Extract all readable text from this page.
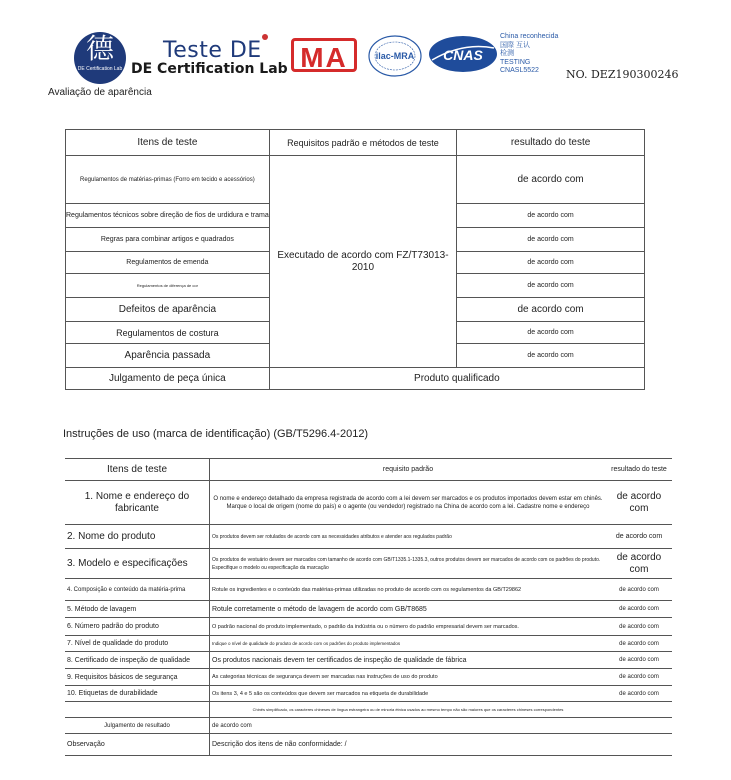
德
DE Certification Lab
Teste DE
DE Certification Lab MA	ilac-MRA CNAS
China reconhecida
国際 互认
检测
TESTING
CNASL5522	NO. DEZ190300246
Avaliação de aparência
Itens de teste	Requisitos padrão e métodos de teste	resultado do teste
Regulamentos de matérias-primas (Forro em tecido e acessórios)	Executado de acordo com FZ/T73013-2010	de acordo com
Regulamentos técnicos sobre direção de fios de urdidura e trama		de acordo com
Regras para combinar artigos e quadrados		de acordo com
Regulamentos de emenda		de acordo com
Regulamentos de diferença de cor		de acordo com
Defeitos de aparência		de acordo com
Regulamentos de costura		de acordo com
Aparência passada		de acordo com
Julgamento de peça única	Produto qualificado	
Instruções de uso (marca de identificação) (GB/T5296.4-2012)
Itens de teste	requisito padrão	resultado do teste
1. Nome e endereço do fabricante	O nome e endereço detalhado da empresa registrada de acordo com a lei devem ser marcados e os produtos importados devem estar em chinês. Marque o local de origem (nome do país) e o agente (ou vendedor) registrado na China de acordo com a lei. Cadastre nome e endereço	de acordo com
2. Nome do produto	Os produtos devem ser rotulados de acordo com as necessidades atributos e atender aos regulados padrão	de acordo com
3. Modelo e especificações	Os produtos de vestuário devem ser marcados com tamanho de acordo com GB/T1335.1-1335.3, outros produtos devem ser marcados de acordo com os padrões do produto. Especifique o modelo ou especificação da marcação	de acordo com
4. Composição e conteúdo da matéria-prima	Rotule os ingredientes e o conteúdo das matérias-primas utilizadas no produto de acordo com os regulamentos da GB/T29862	de acordo com
5. Método de lavagem	Rotule corretamente o método de lavagem de acordo com GB/T8685	de acordo com
6. Número padrão do produto	O padrão nacional do produto implementado, o padrão da indústria ou o número do padrão empresarial devem ser marcados.	de acordo com
7. Nível de qualidade do produto	Indique o nível de qualidade do produto de acordo com os padrões do produto implementados	de acordo com
8. Certificado de inspeção de qualidade	Os produtos nacionais devem ter certificados de inspeção de qualidade de fábrica	de acordo com
9. Requisitos básicos de segurança	As categorias técnicas de segurança devem ser marcadas nas instruções de uso do produto	de acordo com
10. Etiquetas de durabilidade	Os itens 3, 4 e 5 são os conteúdos que devem ser marcados na etiqueta de durabilidade	de acordo com
	Chinês simplificado, os caracteres chineses de língua estrangeira ou de minoria étnica usados ao mesmo tempo não são maiores que os caracteres chineses correspondentes	
Julgamento de resultado	de acordo com	
Observação	Descrição dos itens de não conformidade: /	
